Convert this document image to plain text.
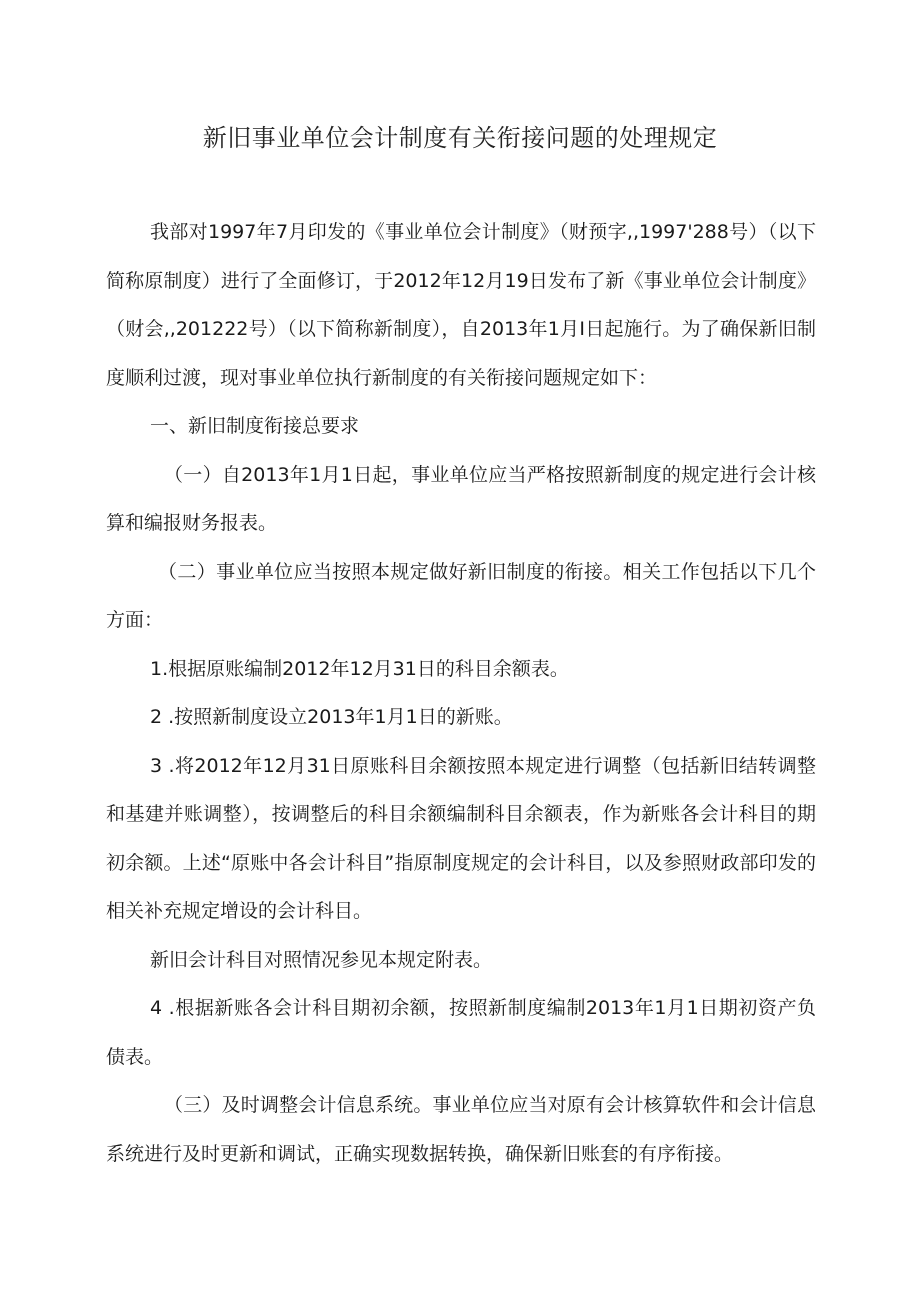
新旧事业单位会计制度有关衔接问题的处理规定

我部对1997年7月印发的《事业单位会计制度》（财预字,,1997'288号）（以下简称原制度）进行了全面修订，于2012年12月19日发布了新《事业单位会计制度》（财会,,201222号）（以下简称新制度），自2013年1月I日起施行。为了确保新旧制度顺利过渡，现对事业单位执行新制度的有关衔接问题规定如下：

一、新旧制度衔接总要求

（一）自2013年1月1日起，事业单位应当严格按照新制度的规定进行会计核算和编报财务报表。

（二）事业单位应当按照本规定做好新旧制度的衔接。相关工作包括以下几个方面：

1.根据原账编制2012年12月31日的科目余额表。

2 .按照新制度设立2013年1月1日的新账。

3 .将2012年12月31日原账科目余额按照本规定进行调整（包括新旧结转调整和基建并账调整），按调整后的科目余额编制科目余额表，作为新账各会计科目的期初余额。上述“原账中各会计科目”指原制度规定的会计科目，以及参照财政部印发的相关补充规定增设的会计科目。

新旧会计科目对照情况参见本规定附表。

4 .根据新账各会计科目期初余额，按照新制度编制2013年1月1日期初资产负债表。

（三）及时调整会计信息系统。事业单位应当对原有会计核算软件和会计信息系统进行及时更新和调试，正确实现数据转换，确保新旧账套的有序衔接。
